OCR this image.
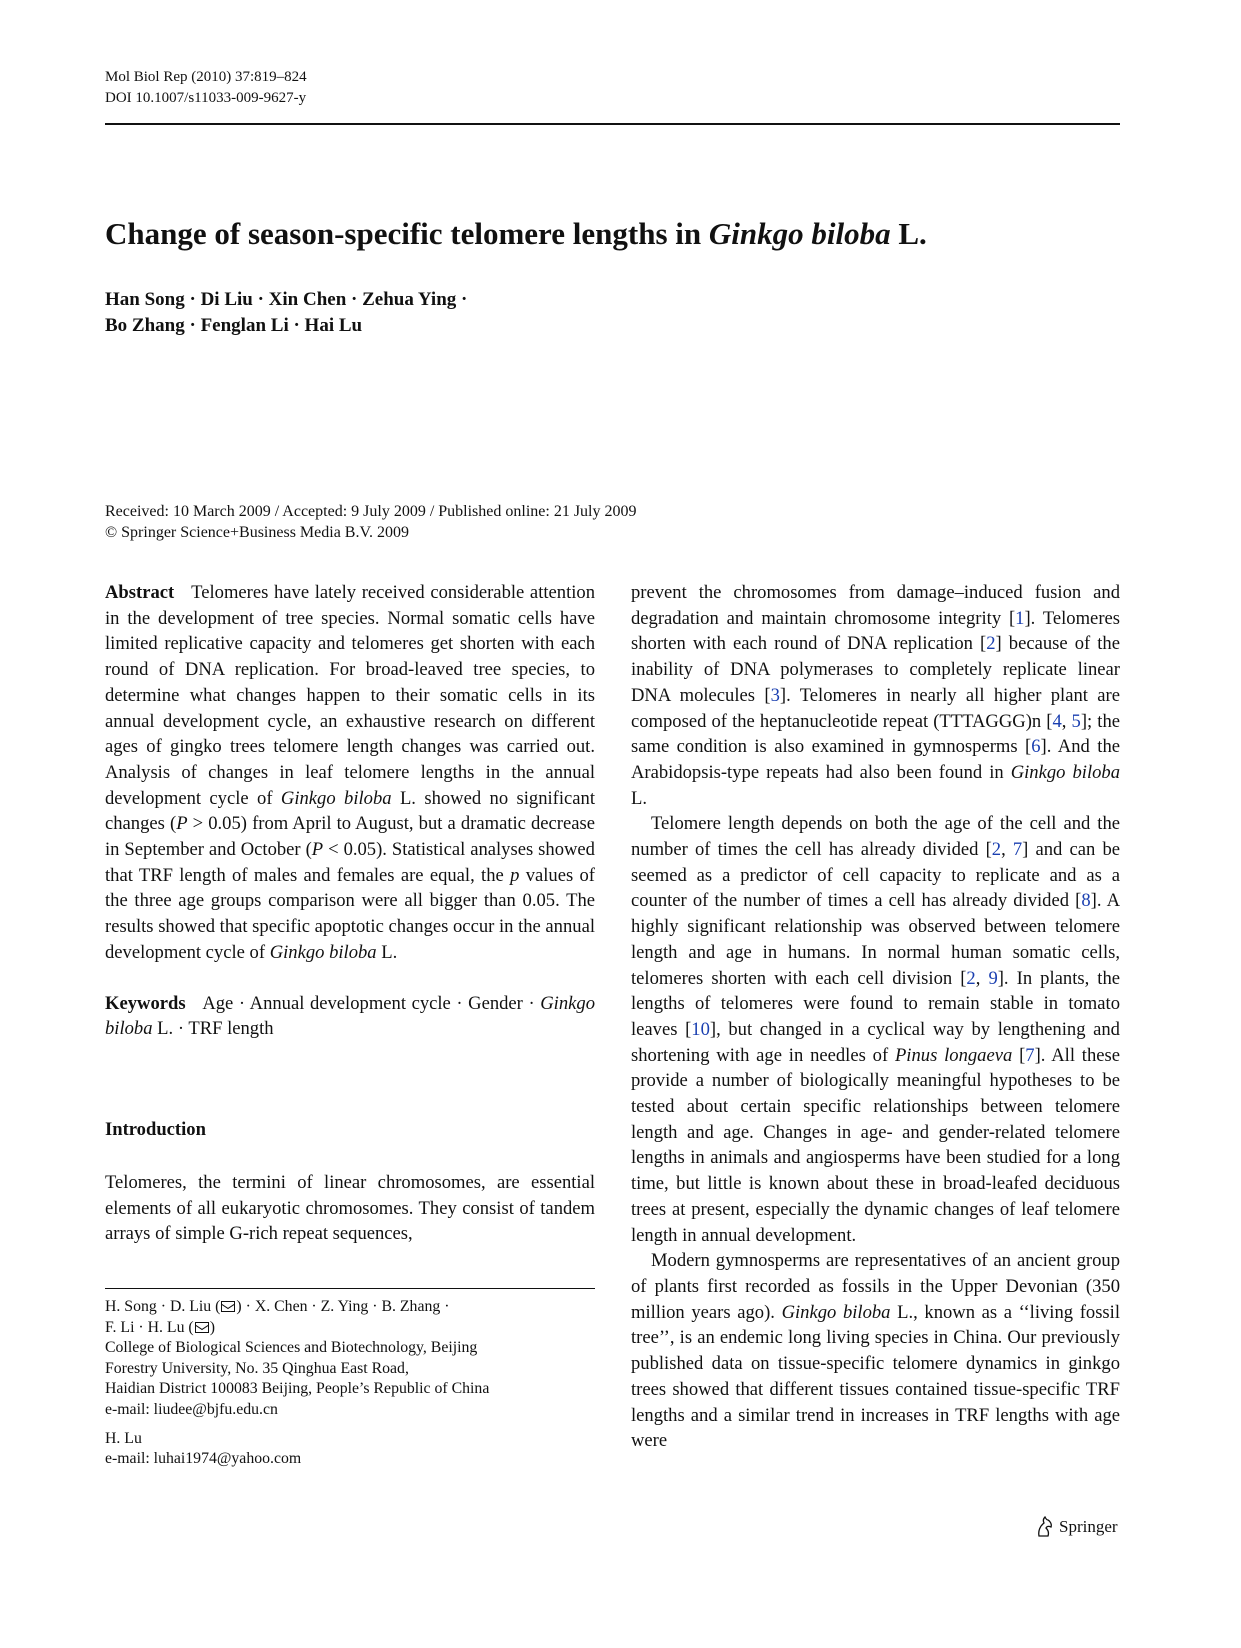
Mol Biol Rep (2010) 37:819–824
DOI 10.1007/s11033-009-9627-y
Change of season-specific telomere lengths in Ginkgo biloba L.
Han Song · Di Liu · Xin Chen · Zehua Ying ·
Bo Zhang · Fenglan Li · Hai Lu
Received: 10 March 2009 / Accepted: 9 July 2009 / Published online: 21 July 2009
© Springer Science+Business Media B.V. 2009

Abstract Telomeres have lately received considerable attention in the development of tree species. Normal somatic cells have limited replicative capacity and telomeres get shorten with each round of DNA replication. For broad-leaved tree species, to determine what changes happen to their somatic cells in its annual development cycle, an exhaustive research on different ages of gingko trees telomere length changes was carried out. Analysis of changes in leaf telomere lengths in the annual development cycle of Ginkgo biloba L. showed no significant changes (P > 0.05) from April to August, but a dramatic decrease in September and October (P < 0.05). Statistical analyses showed that TRF length of males and females are equal, the p values of the three age groups comparison were all bigger than 0.05. The results showed that specific apoptotic changes occur in the annual development cycle of Ginkgo biloba L.

Keywords Age · Annual development cycle · Gender · Ginkgo biloba L. · TRF length

Introduction

Telomeres, the termini of linear chromosomes, are essential elements of all eukaryotic chromosomes. They consist of tandem arrays of simple G-rich repeat sequences,

prevent the chromosomes from damage–induced fusion and degradation and maintain chromosome integrity [1]. Telomeres shorten with each round of DNA replication [2] because of the inability of DNA polymerases to completely replicate linear DNA molecules [3]. Telomeres in nearly all higher plant are composed of the heptanucleotide repeat (TTTAGGG)n [4, 5]; the same condition is also examined in gymnosperms [6]. And the Arabidopsis-type repeats had also been found in Ginkgo biloba L.

Telomere length depends on both the age of the cell and the number of times the cell has already divided [2, 7] and can be seemed as a predictor of cell capacity to replicate and as a counter of the number of times a cell has already divided [8]. A highly significant relationship was observed between telomere length and age in humans. In normal human somatic cells, telomeres shorten with each cell division [2, 9]. In plants, the lengths of telomeres were found to remain stable in tomato leaves [10], but changed in a cyclical way by lengthening and shortening with age in needles of Pinus longaeva [7]. All these provide a number of biologically meaningful hypotheses to be tested about certain specific relationships between telomere length and age. Changes in age- and gender-related telomere lengths in animals and angiosperms have been studied for a long time, but little is known about these in broad-leafed deciduous trees at present, especially the dynamic changes of leaf telomere length in annual development.

Modern gymnosperms are representatives of an ancient group of plants first recorded as fossils in the Upper Devonian (350 million years ago). Ginkgo biloba L., known as a ‘‘living fossil tree’’, is an endemic long living species in China. Our previously published data on tissue-specific telomere dynamics in ginkgo trees showed that different tissues contained tissue-specific TRF lengths and a similar trend in increases in TRF lengths with age were

H. Song · D. Liu ( ) · X. Chen · Z. Ying · B. Zhang ·

F. Li · H. Lu ( )

College of Biological Sciences and Biotechnology, Beijing

Forestry University, No. 35 Qinghua East Road,

Haidian District 100083 Beijing, People’s Republic of China

e-mail: liudee@bjfu.edu.cn

H. Lu

e-mail: luhai1974@yahoo.com

Springer
